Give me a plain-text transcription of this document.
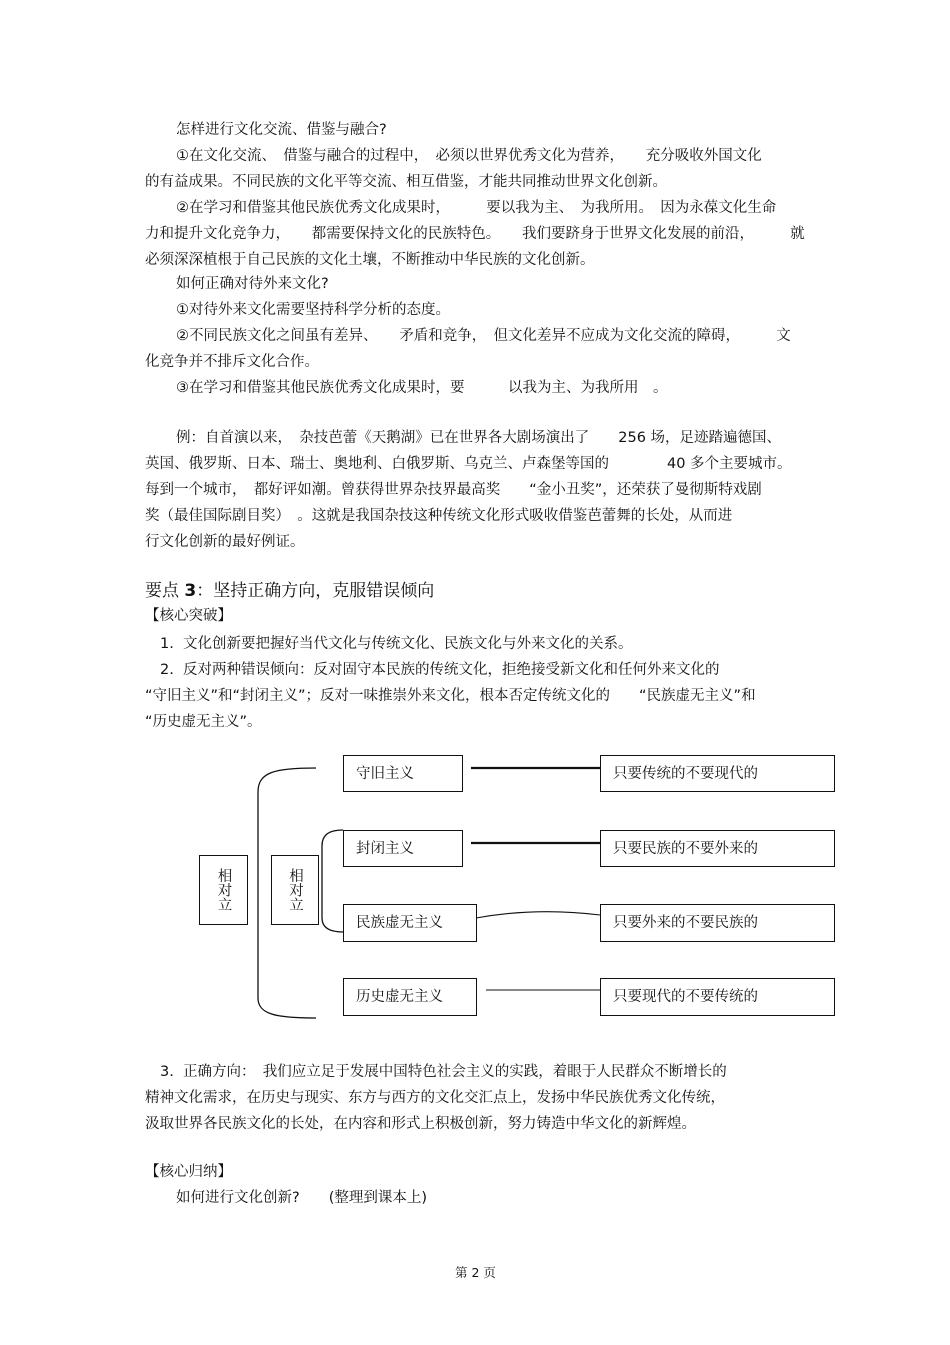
怎样进行文化交流、借鉴与融合?

①在文化交流、　借鉴与融合的过程中，　必须以世界优秀文化为营养，　　充分吸收外国文化

的有益成果。不同民族的文化平等交流、相互借鉴，才能共同推动世界文化创新。

②在学习和借鉴其他民族优秀文化成果时，　　　要以我为主、　为我所用。　因为永葆文化生命

力和提升文化竞争力，　　都需要保持文化的民族特色。　　我们要跻身于世界文化发展的前沿，　　　就

必须深深植根于自己民族的文化土壤，不断推动中华民族的文化创新。

如何正确对待外来文化?

①对待外来文化需要坚持科学分析的态度。

②不同民族文化之间虽有差异、　　矛盾和竞争，　但文化差异不应成为文化交流的障碍，　　　文

化竞争并不排斥文化合作。

③在学习和借鉴其他民族优秀文化成果时，要　　　以我为主、为我所用　。

例：自首演以来，　杂技芭蕾《天鹅湖》已在世界各大剧场演出了　　256 场，足迹踏遍德国、

英国、俄罗斯、日本、瑞士、奥地利、白俄罗斯、乌克兰、卢森堡等国的　　　　40 多个主要城市。

每到一个城市，　都好评如潮。曾获得世界杂技界最高奖　　“金小丑奖”，还荣获了曼彻斯特戏剧

奖（最佳国际剧目奖）　。这就是我国杂技这种传统文化形式吸收借鉴芭蕾舞的长处，从而进

行文化创新的最好例证。

要点 3：坚持正确方向，克服错误倾向

【核心突破】

1.  文化创新要把握好当代文化与传统文化、民族文化与外来文化的关系。

2.  反对两种错误倾向：反对固守本民族的传统文化，拒绝接受新文化和任何外来文化的

“守旧主义”和“封闭主义”；反对一味推崇外来文化，根本否定传统文化的　　“民族虚无主义”和

“历史虚无主义”。

相对立	相对立
守旧主义
封闭主义
民族虚无主义
历史虚无主义
只要传统的不要现代的
只要民族的不要外来的
只要外来的不要民族的
只要现代的不要传统的

3.  正确方向：　我们应立足于发展中国特色社会主义的实践，着眼于人民群众不断增长的

精神文化需求，在历史与现实、东方与西方的文化交汇点上，发扬中华民族优秀文化传统，

汲取世界各民族文化的长处，在内容和形式上积极创新，努力铸造中华文化的新辉煌。

【核心归纳】

如何进行文化创新?　　(整理到课本上)

第 2 页
